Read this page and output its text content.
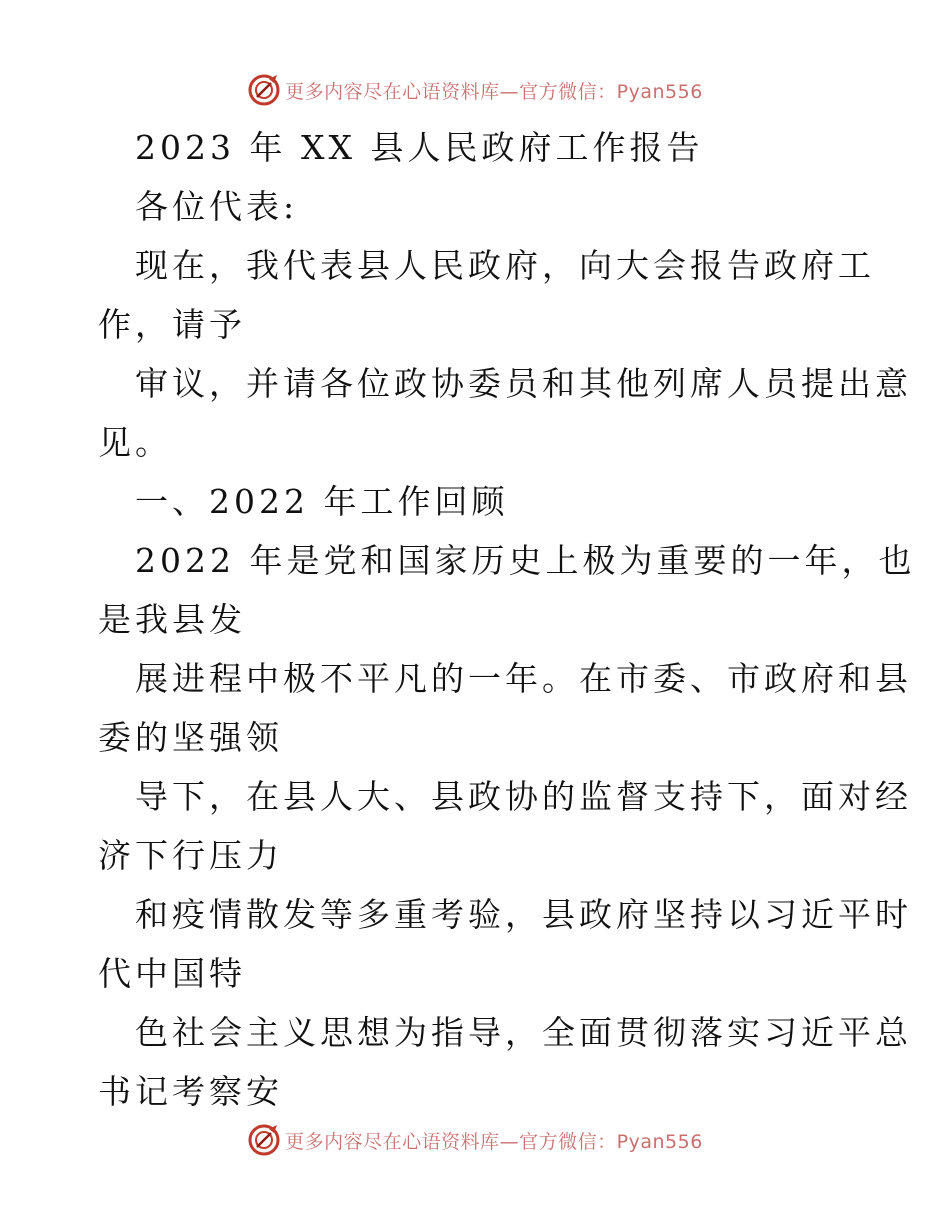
更多内容尽在心语资料库—官方微信：Pyan556
2023 年 XX 县人民政府工作报告
各位代表:
现在，我代表县人民政府，向大会报告政府工
作，请予
审议，并请各位政协委员和其他列席人员提出意
见。
一、2022 年工作回顾
2022 年是党和国家历史上极为重要的一年，也
是我县发
展进程中极不平凡的一年。在市委、市政府和县
委的坚强领
导下，在县人大、县政协的监督支持下，面对经
济下行压力
和疫情散发等多重考验，县政府坚持以习近平时
代中国特
色社会主义思想为指导，全面贯彻落实习近平总
书记考察安
更多内容尽在心语资料库—官方微信：Pyan556
